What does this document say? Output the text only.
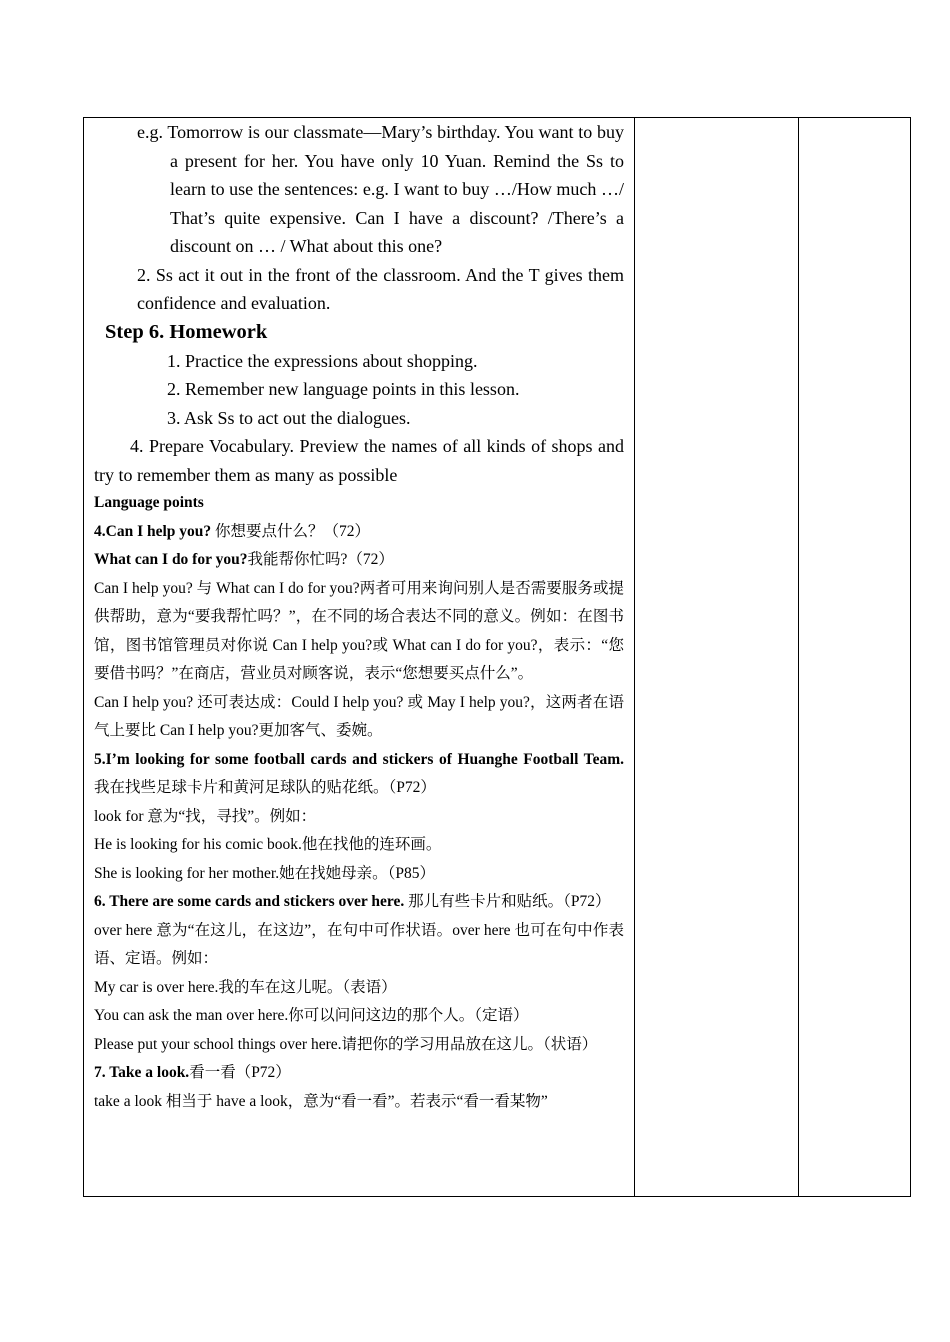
e.g. Tomorrow is our classmate—Mary’s birthday. You want to buy a present for her. You have only 10 Yuan. Remind the Ss to learn to use the sentences: e.g. I want to buy …/How much …/ That’s quite expensive. Can I have a discount? /There’s a discount on … / What about this one?
2. Ss act it out in the front of the classroom. And the T gives them confidence and evaluation.
Step 6. Homework
1. Practice the expressions about shopping.
2. Remember new language points in this lesson.
3. Ask Ss to act out the dialogues.
4. Prepare Vocabulary. Preview the names of all kinds of shops and try to remember them as many as possible
Language points
4.Can I help you? 你想要点什么？（72）
What can I do for you?我能帮你忙吗?（72）
Can I help you? 与 What can I do for you?两者可用来询问别人是否需要服务或提供帮助，意为“要我帮忙吗？”，在不同的场合表达不同的意义。例如：在图书馆，图书馆管理员对你说 Can I help you?或 What can I do for you?，表示：“您要借书吗？”在商店，营业员对顾客说，表示“您想要买点什么”。
Can I help you? 还可表达成：Could I help you? 或 May I help you?，这两者在语气上要比 Can I help you?更加客气、委婉。
5.I’m looking for some football cards and stickers of Huanghe Football Team. 我在找些足球卡片和黄河足球队的贴花纸。（P72）
look for 意为“找，寻找”。例如：
He is looking for his comic book.他在找他的连环画。
She is looking for her mother.她在找她母亲。（P85）
6. There are some cards and stickers over here. 那儿有些卡片和贴纸。（P72）
over here 意为“在这儿，在这边”，在句中可作状语。over here 也可在句中作表语、定语。例如：
My car is over here.我的车在这儿呢。（表语）
You can ask the man over here.你可以问问这边的那个人。（定语）
Please put your school things over here.请把你的学习用品放在这儿。（状语）
7. Take a look.看一看（P72）
take a look 相当于 have a look，意为“看一看”。若表示“看一看某物”
